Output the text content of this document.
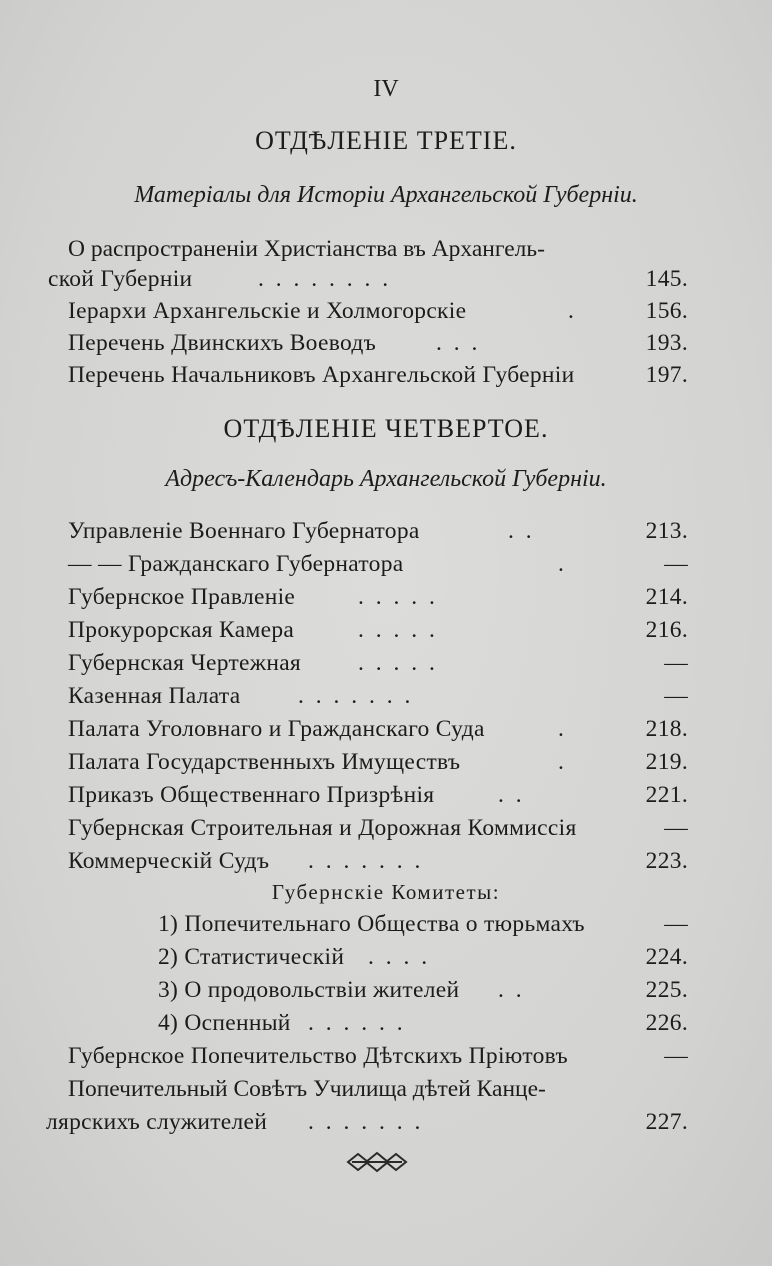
IV
ОТДѢЛЕНІЕ ТРЕТІЕ.
Матеріалы для Исторіи Архангельской Губерніи.
О распространеніи Христіанства въ Архангель-
ской Губерніи	. . . . . . . .	145.
Іерархи Архангельскіе и Холмогорскіе	.	156.
Перечень Двинскихъ Воеводъ	. . .	193.
Перечень Начальниковъ Архангельской Губерніи	197.
ОТДѢЛЕНІЕ ЧЕТВЕРТОЕ.
Адресъ-Календарь Архангельской Губерніи.
Управленіе Военнаго Губернатора	. .	213.
— — Гражданскаго Губернатора	.	—
Губернское Правленіе	. . . . .	214.
Прокурорская Камера	. . . . .	216.
Губернская Чертежная . . . . .	—
Казенная Палата . . . . . . .	—
Палата Уголовнаго и Гражданскаго Суда	.	218.
Палата Государственныхъ Имуществъ	.	219.
Приказъ Общественнаго Призрѣнія	. .	221.
Губернская Строительная и Дорожная Коммиссія	—
Коммерческій Судъ . . . . . . .	223.
Губернскіе Комитеты:
1) Попечительнаго Общества о тюрьмахъ	—
2) Статистическій . . . .	224.
3) О продовольствіи жителей . .	225.
4) Оспенный . . . . . .	226.
Губернское Попечительство Дѣтскихъ Пріютовъ	—
Попечительный Совѣтъ Училища дѣтей Канце-
лярскихъ служителей . . . . . . .	227.
